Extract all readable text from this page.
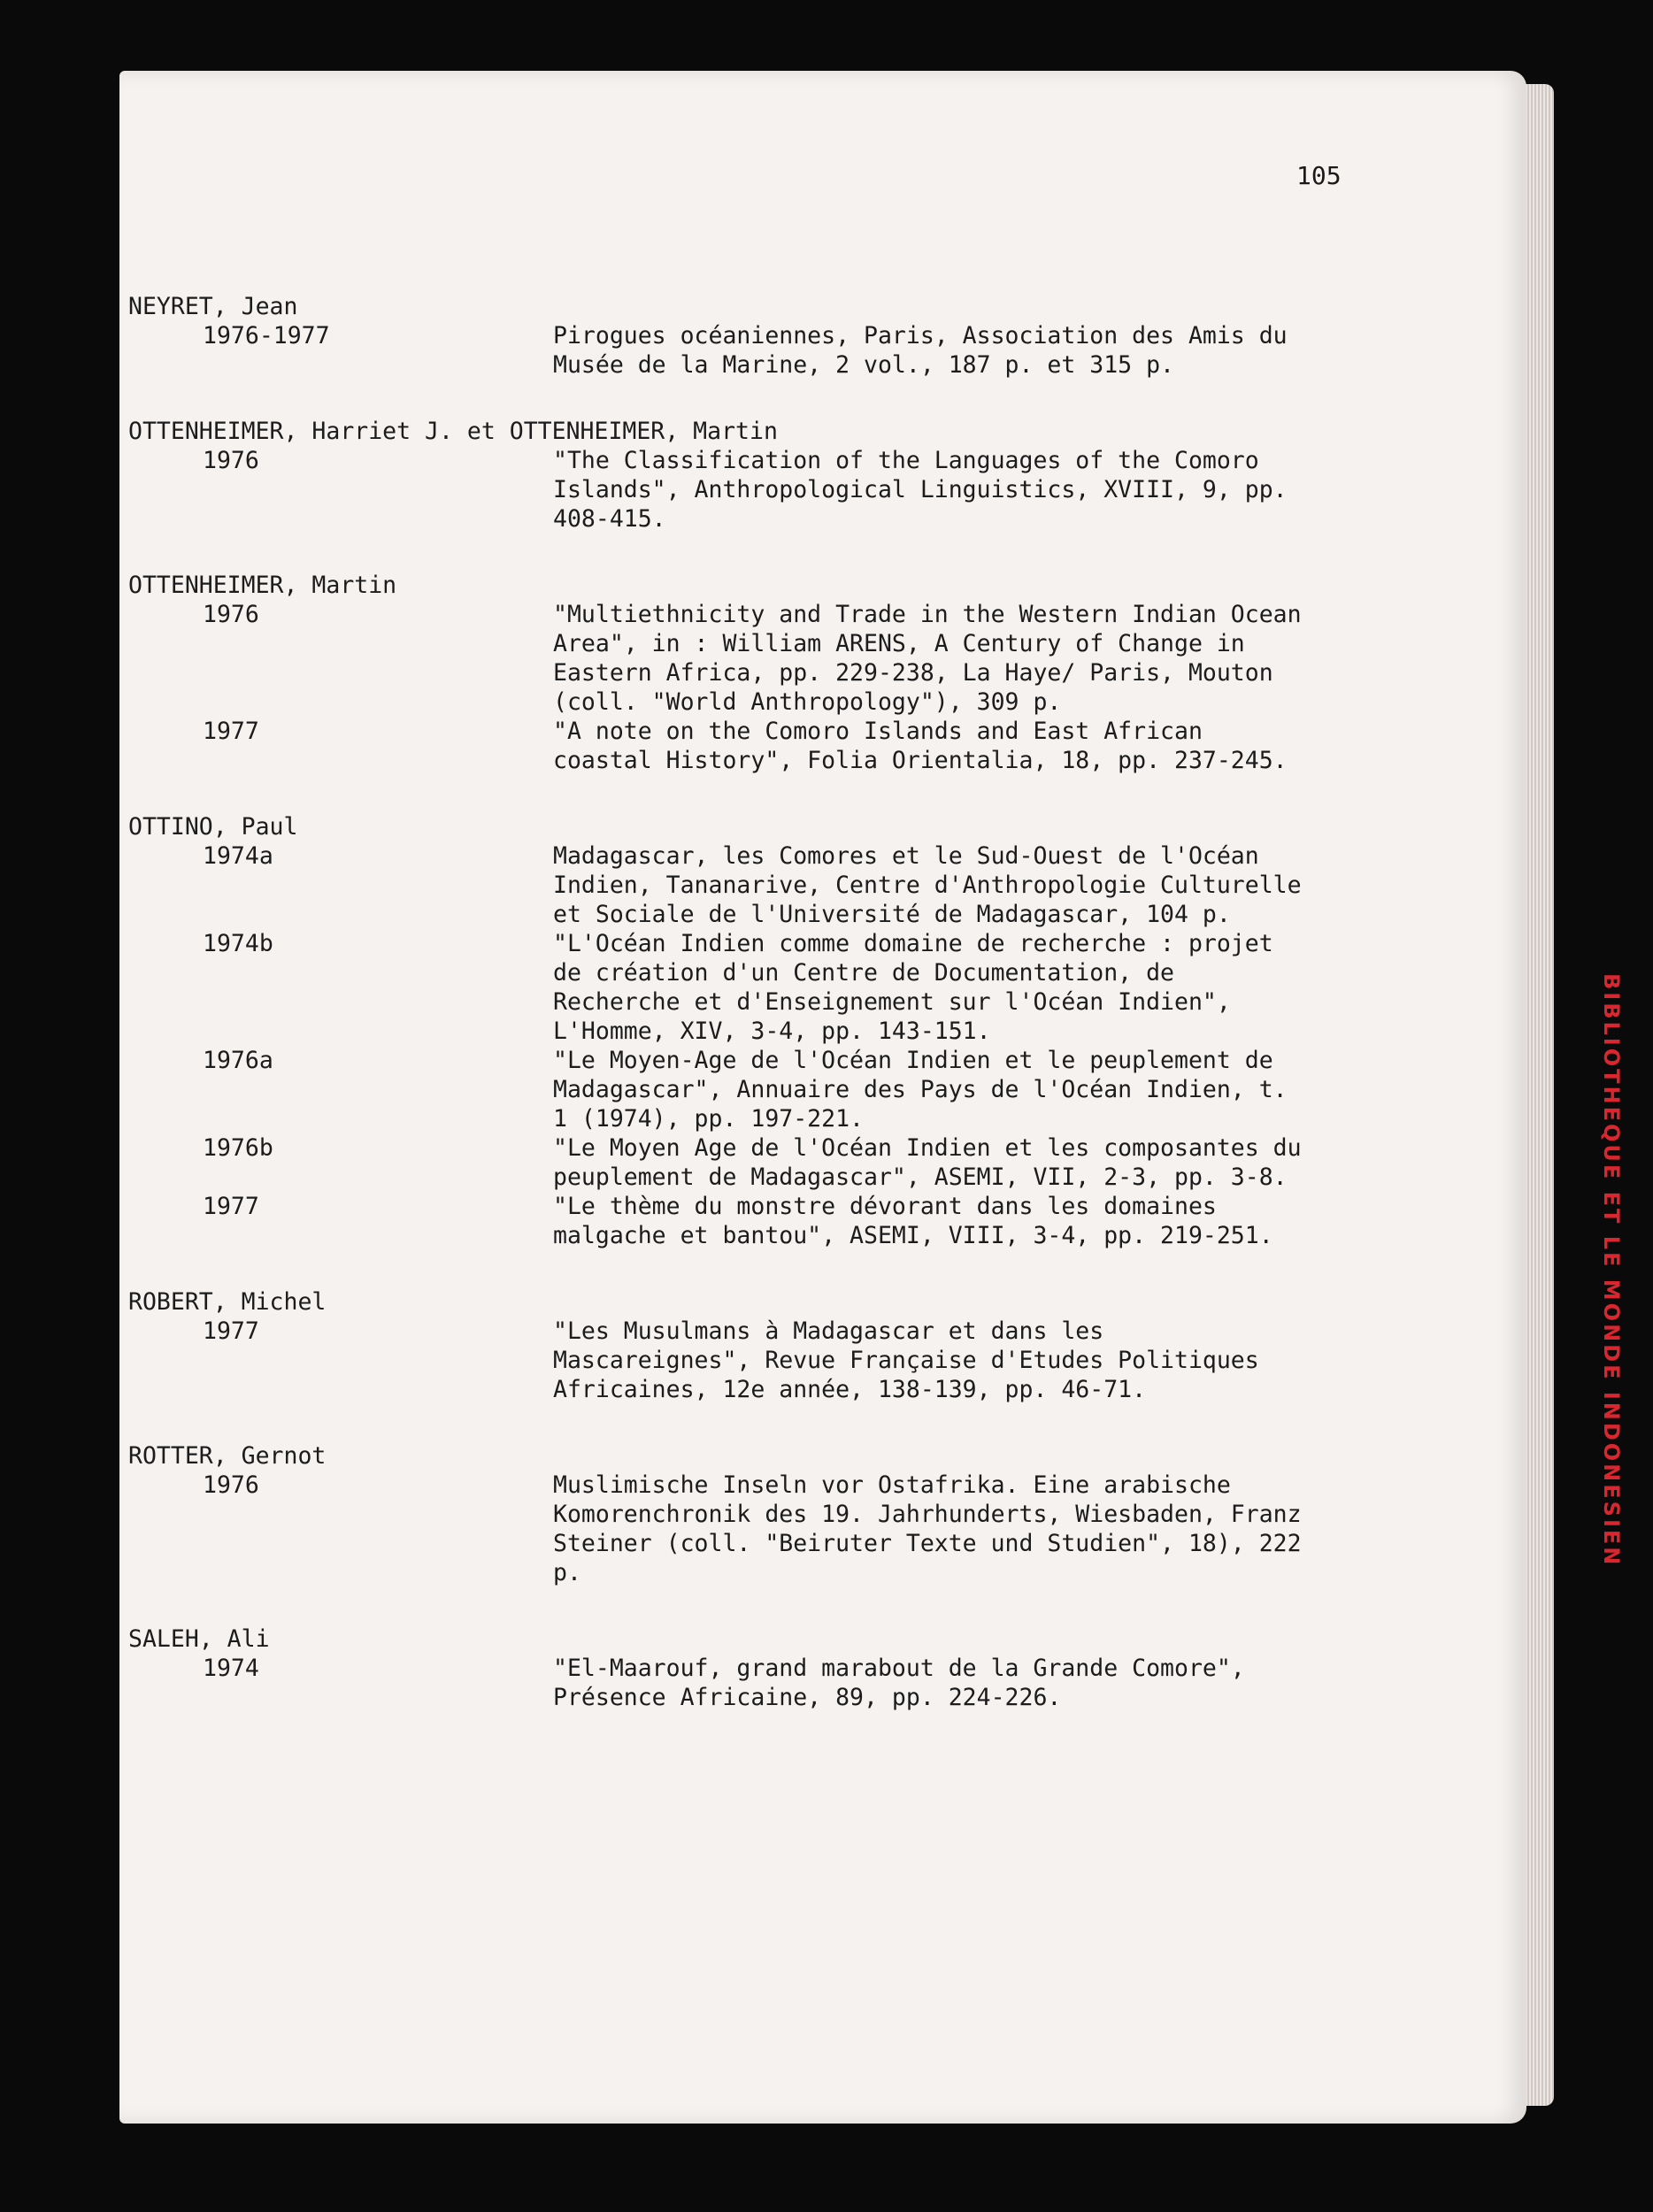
BIBLIOTHEQUE ET LE MONDE INDONESIEN
105
NEYRET, Jean
1976-1977	Pirogues océaniennes, Paris, Association des Amis du Musée de la Marine, 2 vol., 187 p. et 315 p.
OTTENHEIMER, Harriet J. et OTTENHEIMER, Martin
1976	"The Classification of the Languages of the Comoro Islands", Anthropological Linguistics, XVIII, 9, pp. 408-415.
OTTENHEIMER, Martin
1976	"Multiethnicity and Trade in the Western Indian Ocean Area", in : William ARENS, A Century of Change in Eastern Africa, pp. 229-238, La Haye/ Paris, Mouton (coll. "World Anthropology"), 309 p.
1977	"A note on the Comoro Islands and East African coastal History", Folia Orientalia, 18, pp. 237-245.
OTTINO, Paul
1974a	Madagascar, les Comores et le Sud-Ouest de l'Océan Indien, Tananarive, Centre d'Anthropologie Culturelle et Sociale de l'Université de Madagascar, 104 p.
1974b	"L'Océan Indien comme domaine de recherche : projet de création d'un Centre de Documentation, de Recherche et d'Enseignement sur l'Océan Indien", L'Homme, XIV, 3-4, pp. 143-151.
1976a	"Le Moyen-Age de l'Océan Indien et le peuplement de Madagascar", Annuaire des Pays de l'Océan Indien, t. 1 (1974), pp. 197-221.
1976b	"Le Moyen Age de l'Océan Indien et les composantes du peuplement de Madagascar", ASEMI, VII, 2-3, pp. 3-8.
1977	"Le thème du monstre dévorant dans les domaines malgache et bantou", ASEMI, VIII, 3-4, pp. 219-251.
ROBERT, Michel
1977	"Les Musulmans à Madagascar et dans les Mascareignes", Revue Française d'Etudes Politiques Africaines, 12e année, 138-139, pp. 46-71.
ROTTER, Gernot
1976	Muslimische Inseln vor Ostafrika. Eine arabische Komorenchronik des 19. Jahrhunderts, Wiesbaden, Franz Steiner (coll. "Beiruter Texte und Studien", 18), 222 p.
SALEH, Ali
1974	"El-Maarouf, grand marabout de la Grande Comore", Présence Africaine, 89, pp. 224-226.
